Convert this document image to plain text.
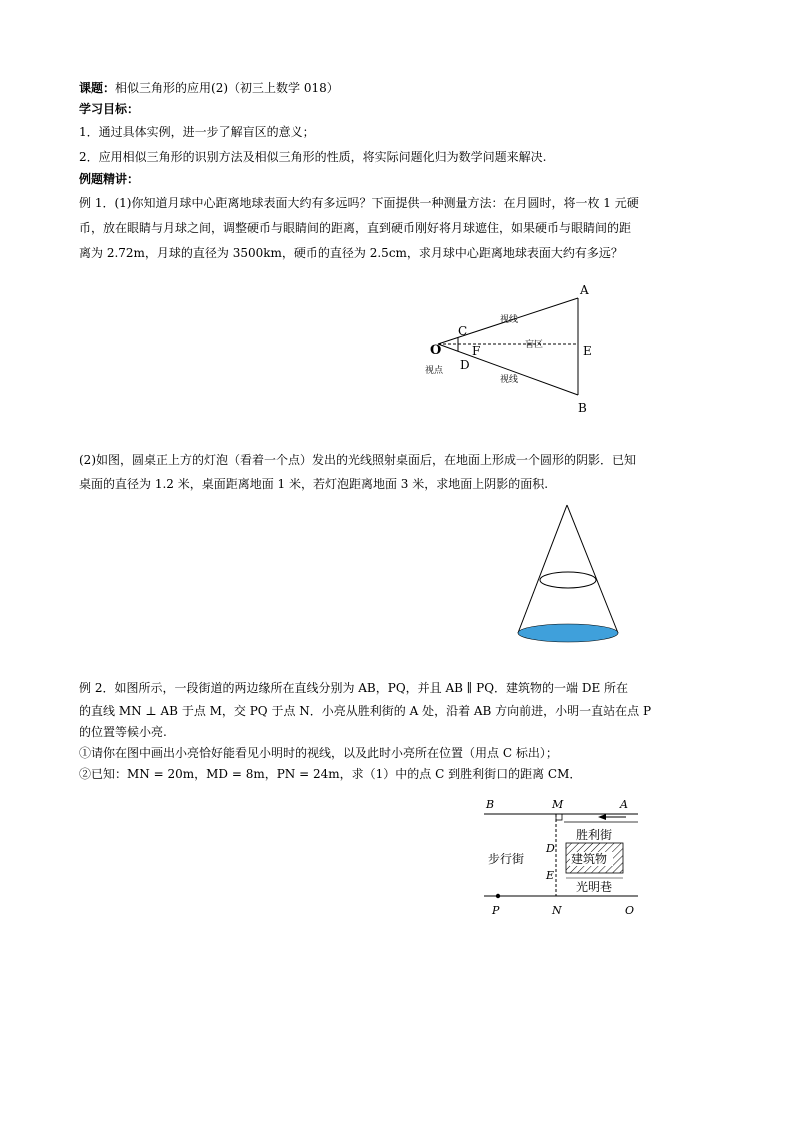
课题：相似三角形的应用(2)（初三上数学 018）
学习目标：
1．通过具体实例，进一步了解盲区的意义；
2．应用相似三角形的识别方法及相似三角形的性质，将实际问题化归为数学问题来解决.
例题精讲：
例 1．(1)你知道月球中心距离地球表面大约有多远吗？下面提供一种测量方法：在月圆时，将一枚 1 元硬
币，放在眼睛与月球之间，调整硬币与眼睛间的距离，直到硬币刚好将月球遮住，如果硬币与眼睛间的距
离为 2.72m，月球的直径为 3500km，硬币的直径为 2.5cm，求月球中心距离地球表面大约有多远？
A
B
E
C
D
F
O
视线
视线
盲区
视点
(2)如图，圆桌正上方的灯泡（看着一个点）发出的光线照射桌面后，在地面上形成一个圆形的阴影．已知
桌面的直径为 1.2 米，桌面距离地面 1 米，若灯泡距离地面 3 米，求地面上阴影的面积.
例 2．如图所示，一段街道的两边缘所在直线分别为 AB，PQ，并且 AB ∥ PQ．建筑物的一端 DE 所在
的直线 MN ⊥ AB 于点 M，交 PQ 于点 N．小亮从胜利街的 A 处，沿着 AB 方向前进，小明一直站在点 P
的位置等候小亮.
①请你在图中画出小亮恰好能看见小明时的视线，以及此时小亮所在位置（用点 C 标出）；
②已知：MN = 20m，MD = 8m，PN = 24m，求（1）中的点 C 到胜利街口的距离 CM．
B	M	A
D
E
P	N	O
步行街
胜利街
建筑物
光明巷
